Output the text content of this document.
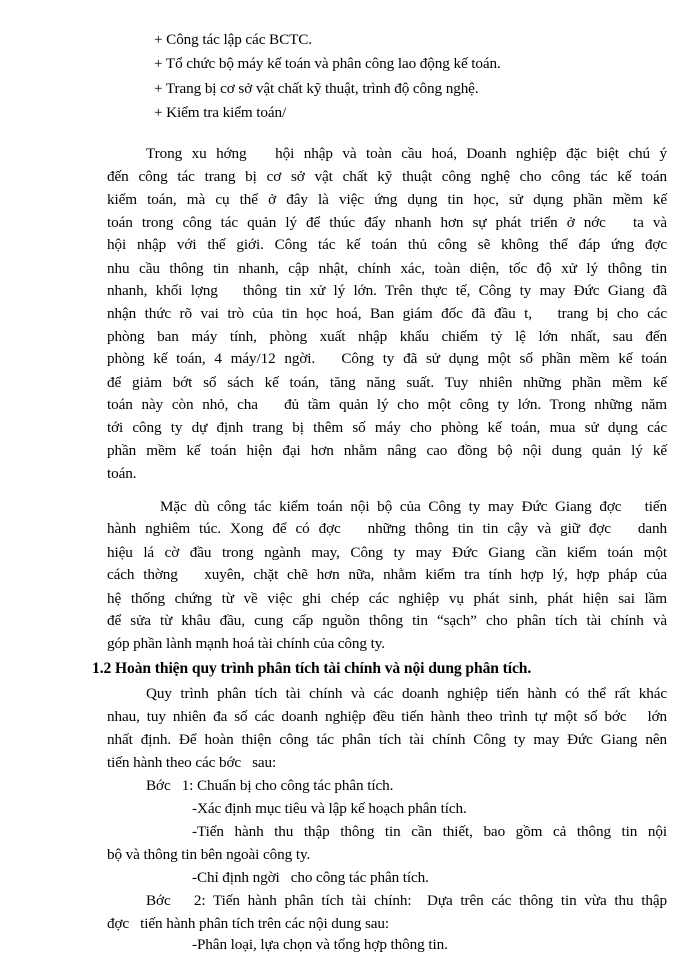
+ Công tác lập các BCTC.
+ Tổ chức bộ máy kế toán và phân công lao động kế toán.
+ Trang bị cơ sở vật chất kỹ thuật, trình độ công nghệ.
+ Kiểm tra kiểm toán/
Trong xu hớng   hội nhập và toàn cầu hoá, Doanh nghiệp đặc biệt chú ý
đến công tác trang bị cơ sở vật chất kỹ thuật công nghệ cho công tác kế toán
kiểm toán, mà cụ thể ở đây là việc ứng dụng tin học, sử dụng phần mềm kế
toán trong công tác quản lý để thúc đẩy nhanh hơn sự phát triển ở nớc   ta và
hội nhập với thế giới. Công tác kế toán thủ công sẽ không thể đáp ứng đợc
nhu cầu thông tin nhanh, cập nhật, chính xác, toàn diện, tốc độ xử lý thông tin
nhanh, khối lợng   thông tin xử lý lớn. Trên thực tế, Công ty may Đức Giang đã
nhận thức rõ vai trò của tin học hoá, Ban giám đốc đã đầu t,   trang bị cho các
phòng ban máy tính, phòng xuất nhập khẩu chiếm tỷ lệ lớn nhất, sau đến
phòng kế toán, 4 máy/12 ngời.   Công ty đã sử dụng một số phần mềm kế toán
để giảm bớt sổ sách kế toán, tăng năng suất. Tuy nhiên những phần mềm kế
toán này còn nhỏ, cha   đủ tầm quản lý cho một công ty lớn. Trong những năm
tới công ty dự định trang bị thêm số máy cho phòng kế toán, mua sử dụng các
phần mềm kế toán hiện đại hơn nhằm nâng cao đồng bộ nội dung quản lý kế
toán.
Mặc dù công tác kiểm toán nội bộ của Công ty may Đức Giang đợc   tiến
hành nghiêm túc. Xong để có đợc   những thông tin tin cậy và giữ đợc   danh
hiệu lá cờ đầu trong ngành may, Công ty may Đức Giang cần kiểm toán một
cách thờng   xuyên, chặt chẽ hơn nữa, nhằm kiểm tra tính hợp lý, hợp pháp của
hệ thống chứng từ về việc ghi chép các nghiệp vụ phát sinh, phát hiện sai lầm
để sửa từ khâu đầu, cung cấp nguồn thông tin “sạch” cho phân tích tài chính và
góp phần lành mạnh hoá tài chính của công ty.
1.2 Hoàn thiện quy trình phân tích tài chính và nội dung phân tích.
Quy trình phân tích tài chính và các doanh nghiệp tiến hành có thể rất khác
nhau, tuy nhiên đa số các doanh nghiệp đều tiến hành theo trình tự một số bớc   lớn
nhất định. Để hoàn thiện công tác phân tích tài chính Công ty may Đức Giang nên
tiến hành theo các bớc   sau:
Bớc   1: Chuẩn bị cho công tác phân tích.
-Xác định mục tiêu và lập kế hoạch phân tích.
-Tiến hành thu thập thông tin cần thiết, bao gồm cả thông tin nội
bộ và thông tin bên ngoài công ty.
-Chỉ định ngời   cho công tác phân tích.
Bớc   2: Tiến hành phân tích tài chính:  Dựa trên các thông tin vừa thu thập
đợc   tiến hành phân tích trên các nội dung sau:
-Phân loại, lựa chọn và tổng hợp thông tin.
